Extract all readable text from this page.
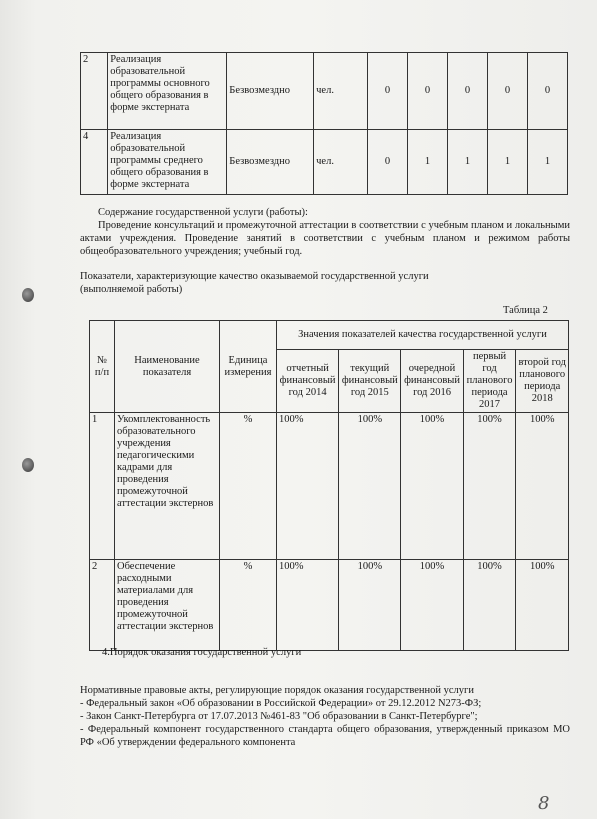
2	Реализация образовательной программы основного общего образования в форме экстерната	Безвозмездно	чел.	0	0	0	0	0
4	Реализация образовательной программы среднего общего образования в форме экстерната	Безвозмездно	чел.	0	1	1	1	1
Содержание государственной услуги (работы):
Проведение консультаций и промежуточной аттестации в соответствии с учебным планом и локальными актами учреждения. Проведение занятий в соответствии с учебным планом и режимом работы общеобразовательного учреждения; учебный год.
Показатели, характеризующие качество оказываемой государственной услуги
(выполняемой работы)
Таблица 2
№ п/п	Наименование показателя	Единица измерения	Значения показателей качества государственной услуги				
			отчетный финансовый год 2014	текущий финансовый год 2015	очередной финансовый год 2016	первый год планового периода 2017	второй год планового периода 2018
1	Укомплектованность образовательного учреждения педагогическими кадрами для проведения промежуточной аттестации экстернов	%	100%	100%	100%	100%	100%
2	Обеспечение расходными материалами для проведения промежуточной аттестации экстернов	%	100%	100%	100%	100%	100%
4.Порядок оказания государственной услуги
Нормативные правовые акты, регулирующие порядок оказания государственной услуги
- Федеральный закон «Об образовании в Российской Федерации» от 29.12.2012 N273-ФЗ;
- Закон Санкт-Петербурга от 17.07.2013 №461-83 "Об образовании в Санкт-Петербурге";
- Федеральный компонент государственного стандарта общего образования, утвержденный приказом МО РФ «Об утверждении федерального компонента
8
